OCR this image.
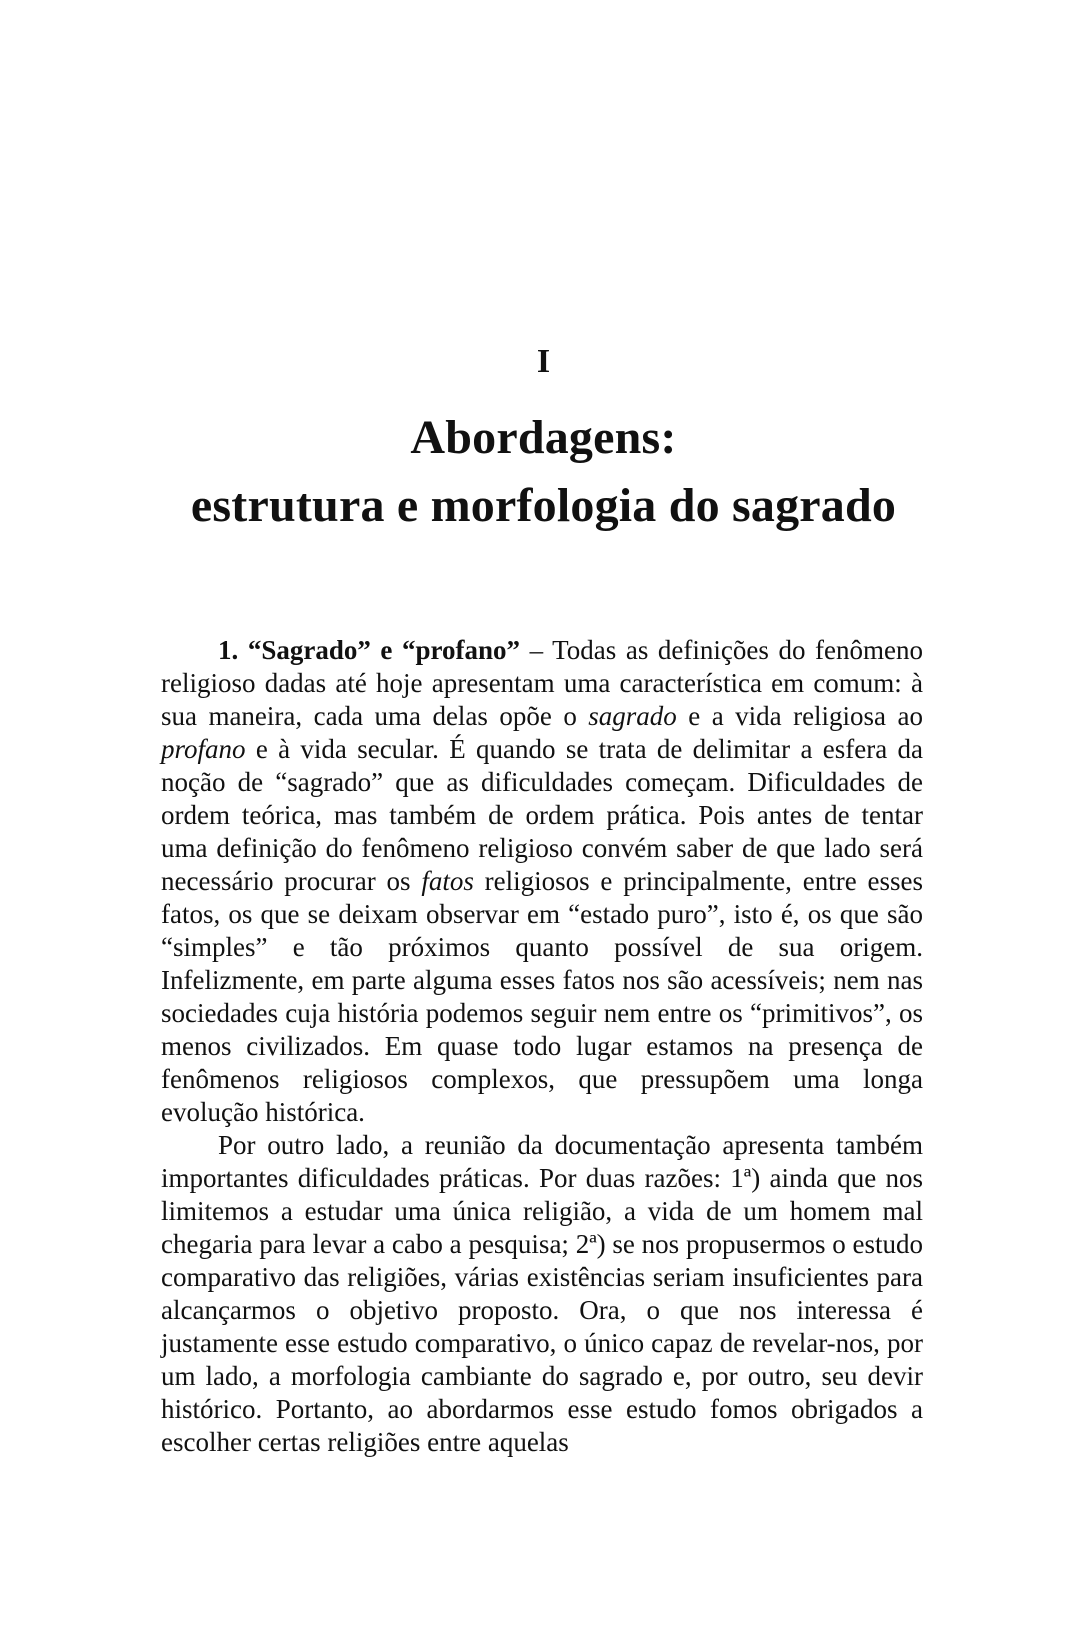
I
Abordagens:
estrutura e morfologia do sagrado

1. “Sagrado” e “profano” – Todas as definições do fenômeno religioso dadas até hoje apresentam uma característica em comum: à sua maneira, cada uma delas opõe o sagrado e a vida religiosa ao profano e à vida secular. É quando se trata de delimitar a esfera da noção de “sagrado” que as dificuldades começam. Dificuldades de ordem teórica, mas também de ordem prática. Pois antes de tentar uma definição do fenômeno religioso convém saber de que lado será necessário procurar os fatos religiosos e principalmente, entre esses fatos, os que se deixam observar em “estado puro”, isto é, os que são “simples” e tão próximos quanto possível de sua origem. Infelizmente, em parte alguma esses fatos nos são acessíveis; nem nas sociedades cuja história podemos seguir nem entre os “primitivos”, os menos civilizados. Em quase todo lugar estamos na presença de fenômenos religiosos complexos, que pressupõem uma longa evolução histórica.

Por outro lado, a reunião da documentação apresenta também importantes dificuldades práticas. Por duas razões: 1ª) ainda que nos limitemos a estudar uma única religião, a vida de um homem mal chegaria para levar a cabo a pesquisa; 2ª) se nos propusermos o estudo comparativo das religiões, várias existências seriam insuficientes para alcançarmos o objetivo proposto. Ora, o que nos interessa é justamente esse estudo comparativo, o único capaz de revelar-nos, por um lado, a morfologia cambiante do sagrado e, por outro, seu devir histórico. Portanto, ao abordarmos esse estudo fomos obrigados a escolher certas religiões entre aquelas
